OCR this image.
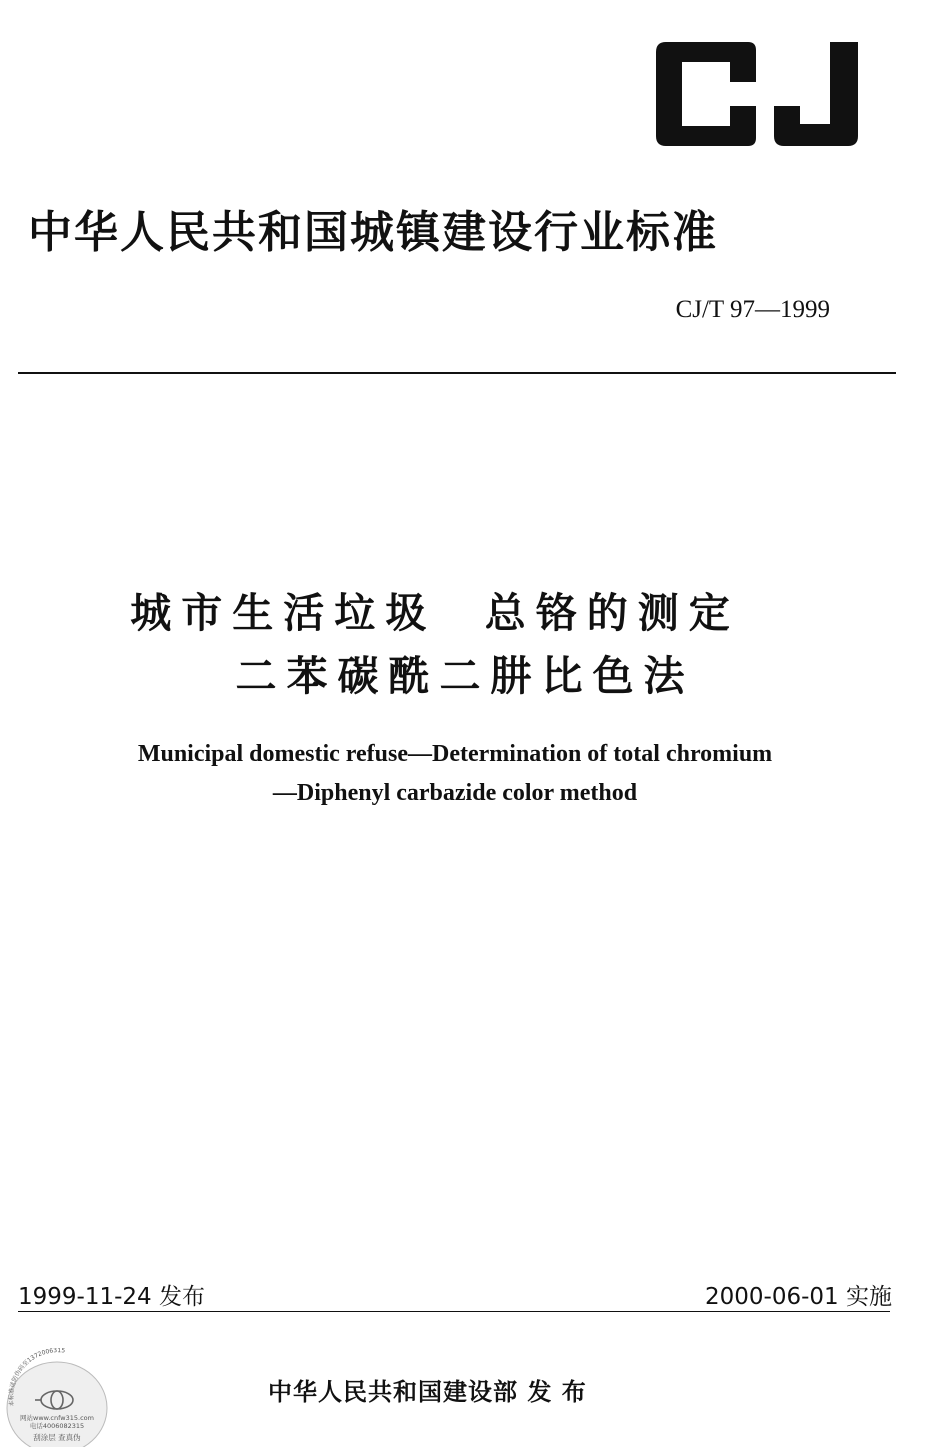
CJ
中华人民共和国城镇建设行业标准
CJ/T 97—1999
城市生活垃圾  总铬的测定
二苯碳酰二肼比色法
Municipal domestic refuse—Determination of total chromium
—Diphenyl carbazide color method
1999-11-24 发布	2000-06-01 实施
中华人民共和国建设部 发 布
本标准送防伪码至1372006315
网站www.cnfw315.com
电话4006082315
刮涂层 查真伪
